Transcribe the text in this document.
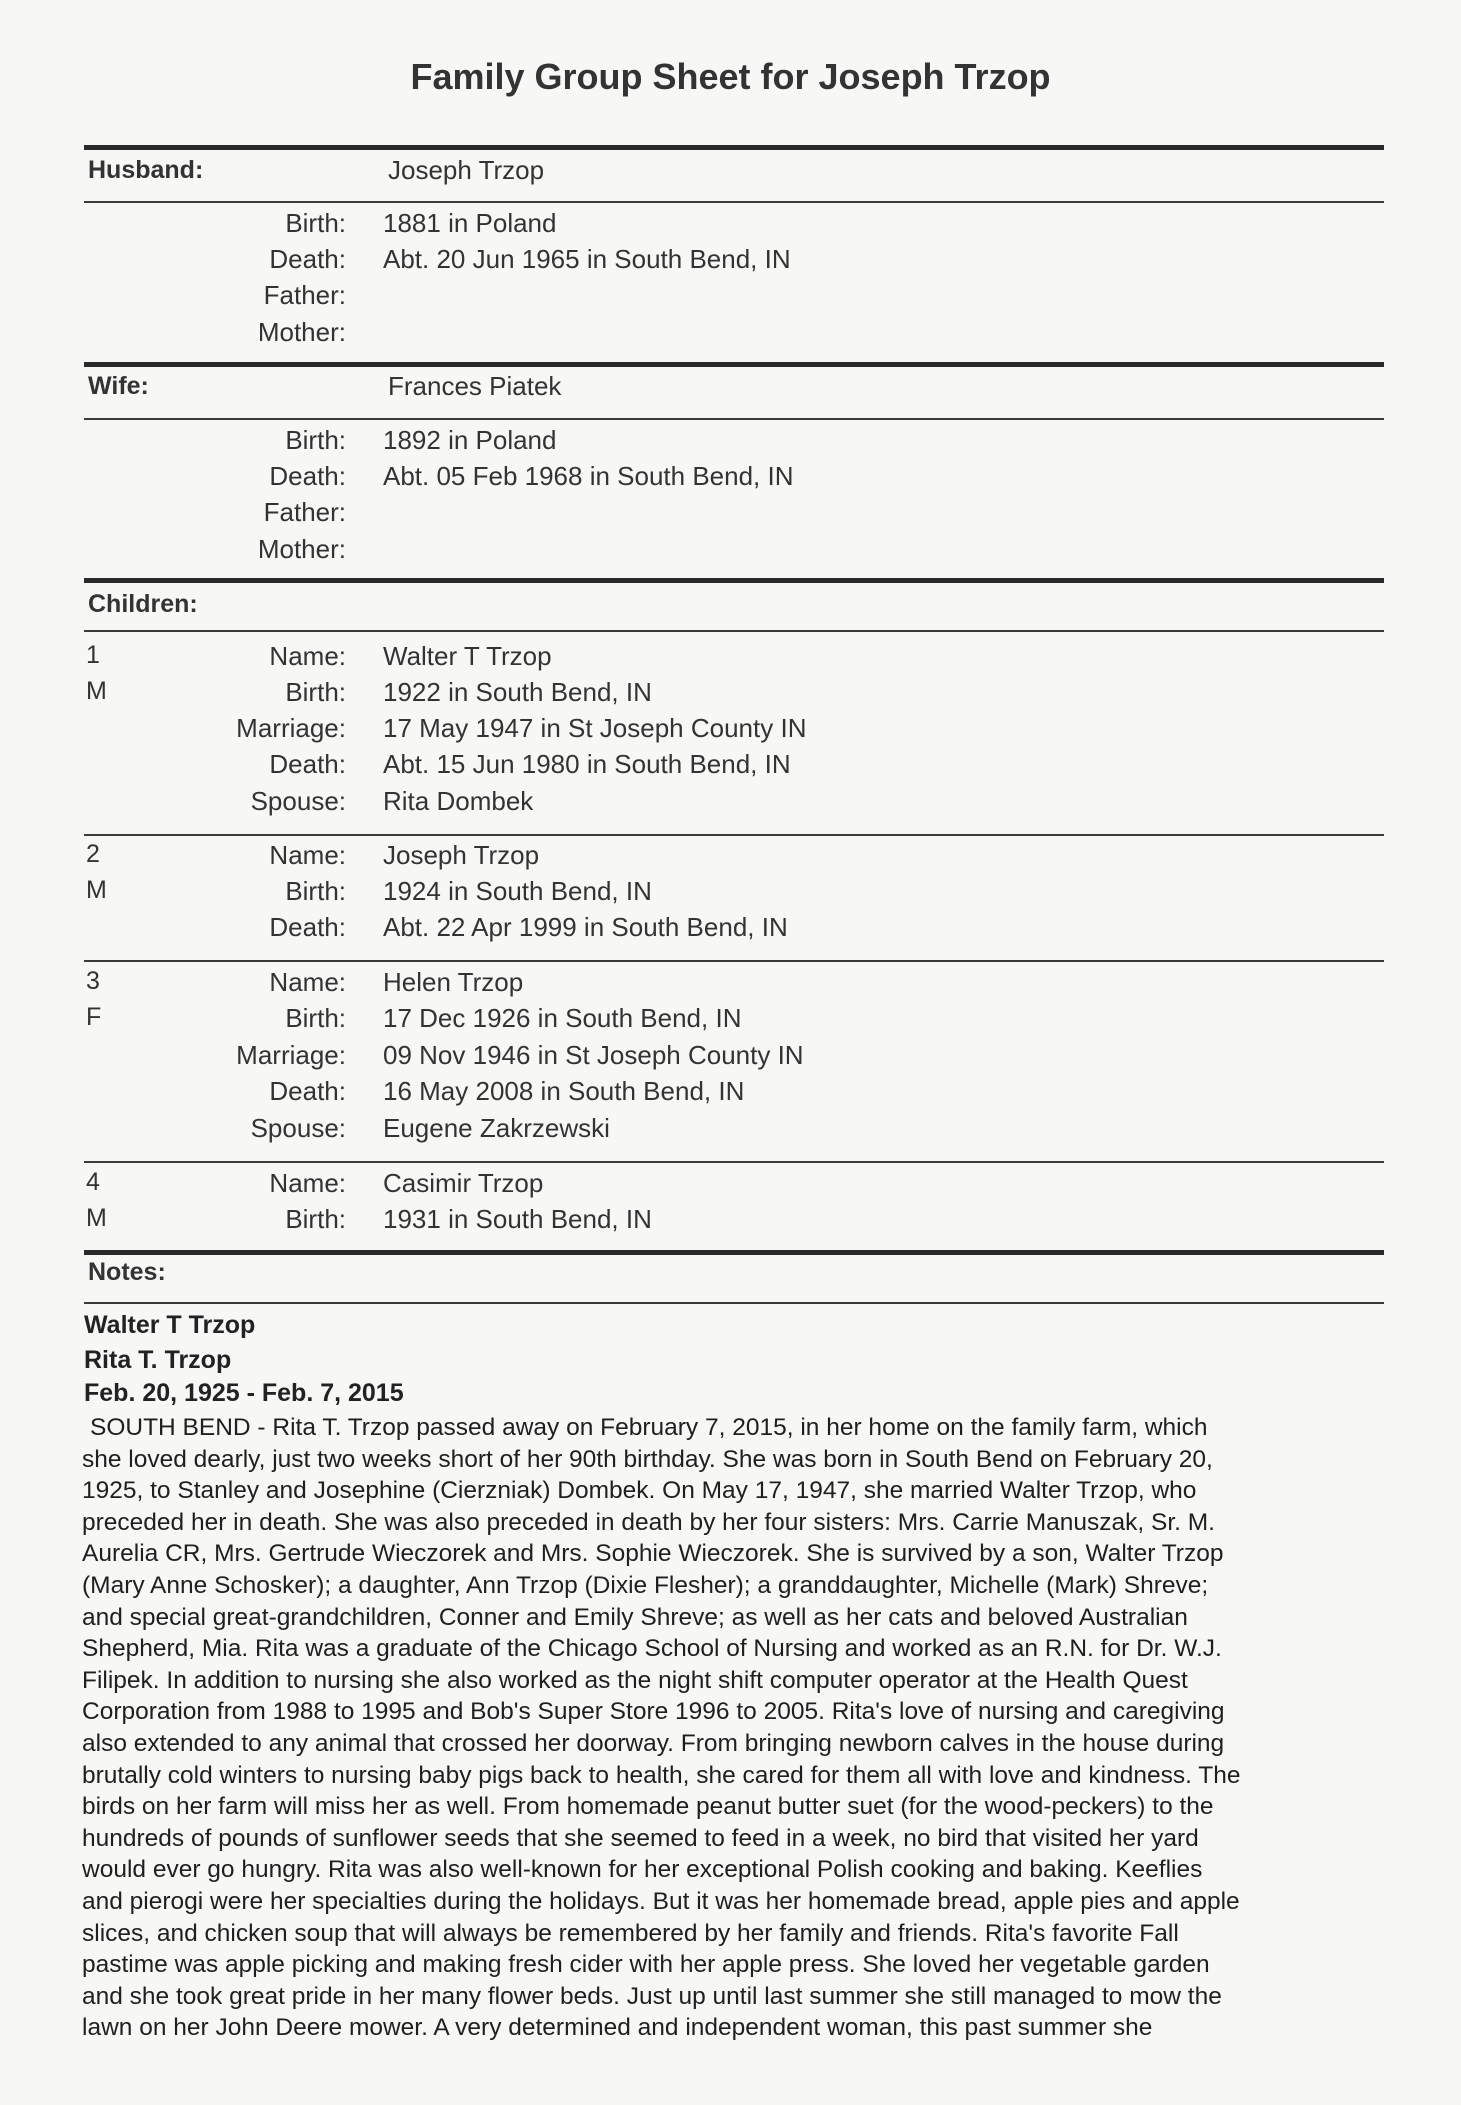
Family Group Sheet for Joseph Trzop
Husband:	Joseph Trzop
Birth: 1881 in Poland
Death: Abt. 20 Jun 1965 in South Bend, IN
Father:
Mother:
Wife:	Frances Piatek
Birth: 1892 in Poland
Death: Abt. 05 Feb 1968 in South Bend, IN
Father:
Mother:
Children:
1
M
Name: Walter T Trzop
Birth: 1922 in South Bend, IN
Marriage: 17 May 1947 in St Joseph County IN
Death: Abt. 15 Jun 1980 in South Bend, IN
Spouse: Rita Dombek
2
M
Name: Joseph Trzop
Birth: 1924 in South Bend, IN
Death: Abt. 22 Apr 1999 in South Bend, IN
3
F
Name: Helen Trzop
Birth: 17 Dec 1926 in South Bend, IN
Marriage: 09 Nov 1946 in St Joseph County IN
Death: 16 May 2008 in South Bend, IN
Spouse: Eugene Zakrzewski
4
M
Name: Casimir Trzop
Birth: 1931 in South Bend, IN
Notes:
Walter T Trzop
Rita T. Trzop
Feb. 20, 1925 - Feb. 7, 2015
SOUTH BEND - Rita T. Trzop passed away on February 7, 2015, in her home on the family farm, which
she loved dearly, just two weeks short of her 90th birthday. She was born in South Bend on February 20,
1925, to Stanley and Josephine (Cierzniak) Dombek. On May 17, 1947, she married Walter Trzop, who
preceded her in death. She was also preceded in death by her four sisters: Mrs. Carrie Manuszak, Sr. M.
Aurelia CR, Mrs. Gertrude Wieczorek and Mrs. Sophie Wieczorek. She is survived by a son, Walter Trzop
(Mary Anne Schosker); a daughter, Ann Trzop (Dixie Flesher); a granddaughter, Michelle (Mark) Shreve;
and special great-grandchildren, Conner and Emily Shreve; as well as her cats and beloved Australian
Shepherd, Mia. Rita was a graduate of the Chicago School of Nursing and worked as an R.N. for Dr. W.J.
Filipek. In addition to nursing she also worked as the night shift computer operator at the Health Quest
Corporation from 1988 to 1995 and Bob's Super Store 1996 to 2005. Rita's love of nursing and caregiving
also extended to any animal that crossed her doorway. From bringing newborn calves in the house during
brutally cold winters to nursing baby pigs back to health, she cared for them all with love and kindness. The
birds on her farm will miss her as well. From homemade peanut butter suet (for the wood-peckers) to the
hundreds of pounds of sunflower seeds that she seemed to feed in a week, no bird that visited her yard
would ever go hungry. Rita was also well-known for her exceptional Polish cooking and baking. Keeflies
and pierogi were her specialties during the holidays. But it was her homemade bread, apple pies and apple
slices, and chicken soup that will always be remembered by her family and friends. Rita's favorite Fall
pastime was apple picking and making fresh cider with her apple press. She loved her vegetable garden
and she took great pride in her many flower beds. Just up until last summer she still managed to mow the
lawn on her John Deere mower. A very determined and independent woman, this past summer she
